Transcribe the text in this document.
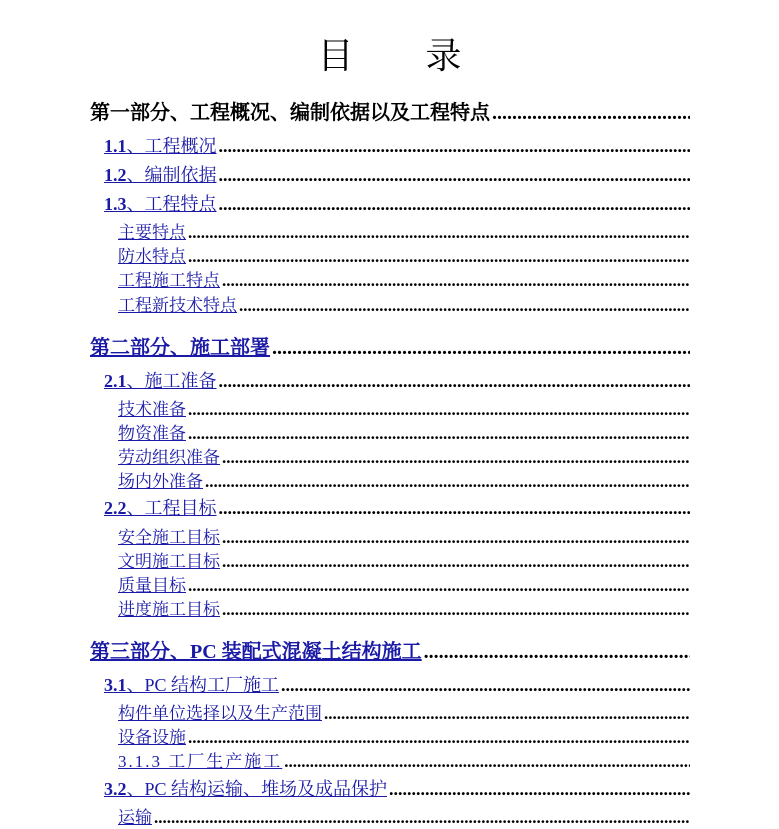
目 录
第一部分、工程概况、编制依据以及工程特点
.....
1.1、工程概况
.....
1.2、编制依据
.....
1.3、工程特点
.....
主要特点
.....
防水特点
.....
工程施工特点
.....
工程新技术特点
.....
第二部分、施工部署
.....
2.1、施工准备
.....
技术准备
.....
物资准备
.....
劳动组织准备
.....
场内外准备
.....
2.2、工程目标
.....
安全施工目标
.....
文明施工目标
.....
质量目标
.....
进度施工目标
.....
第三部分、PC 装配式混凝土结构施工
.....
3.1、PC 结构工厂施工
.....
构件单位选择以及生产范围
.....
设备设施
.....
3.1.3 工厂生产施工
.....
3.2、PC 结构运输、堆场及成品保护
.....
运输
.....
